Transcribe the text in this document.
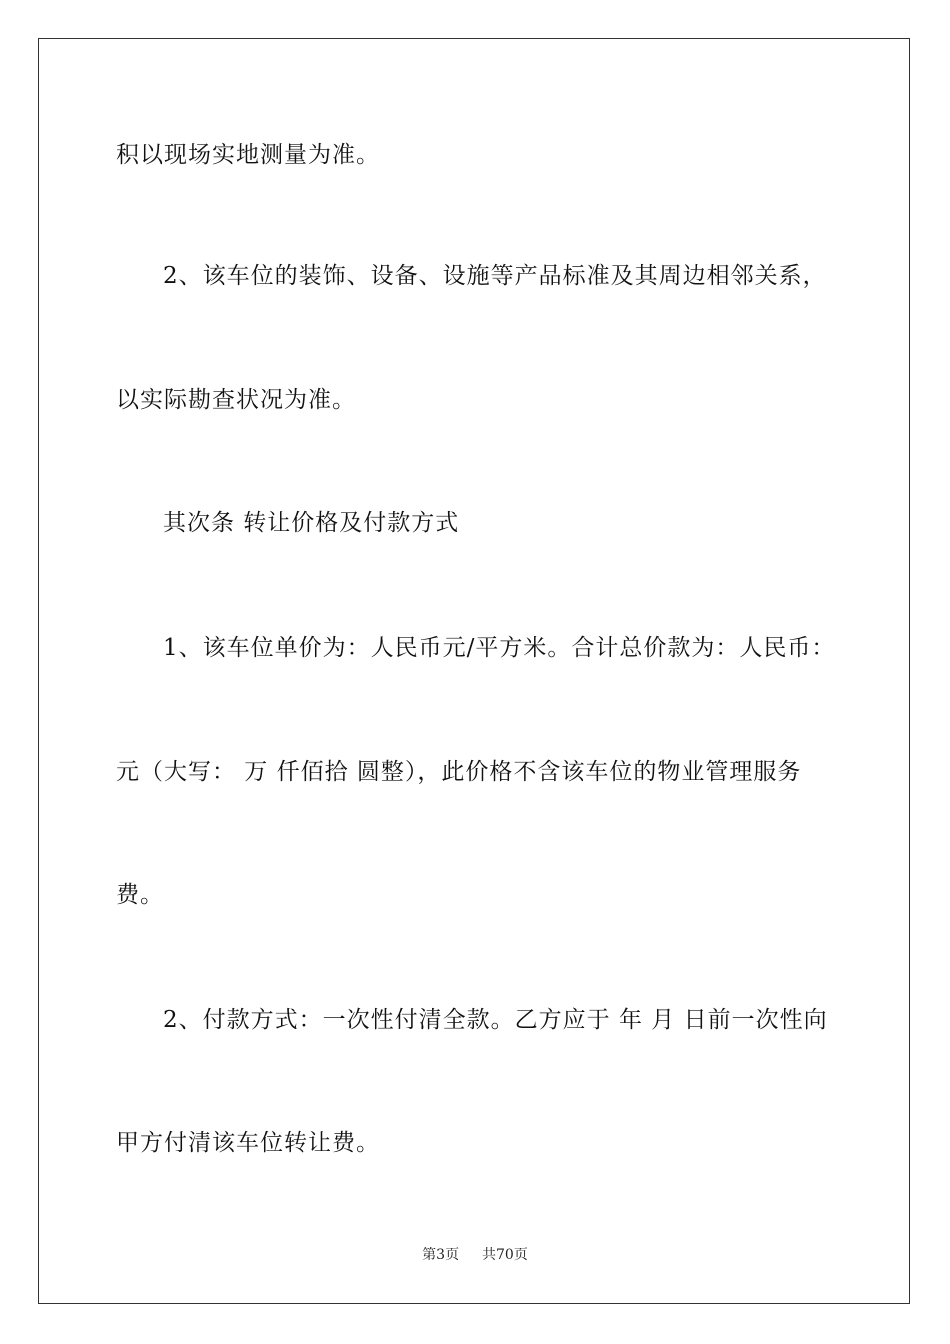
积以现场实地测量为准。
2、该车位的装饰、设备、设施等产品标准及其周边相邻关系，
以实际勘查状况为准。
其次条 转让价格及付款方式
1、该车位单价为：人民币元/平方米。合计总价款为：人民币：
元（大写： 万 仟佰拾 圆整），此价格不含该车位的物业管理服务
费。
2、付款方式：一次性付清全款。乙方应于 年 月 日前一次性向
甲方付清该车位转让费。
第3页 共70页
